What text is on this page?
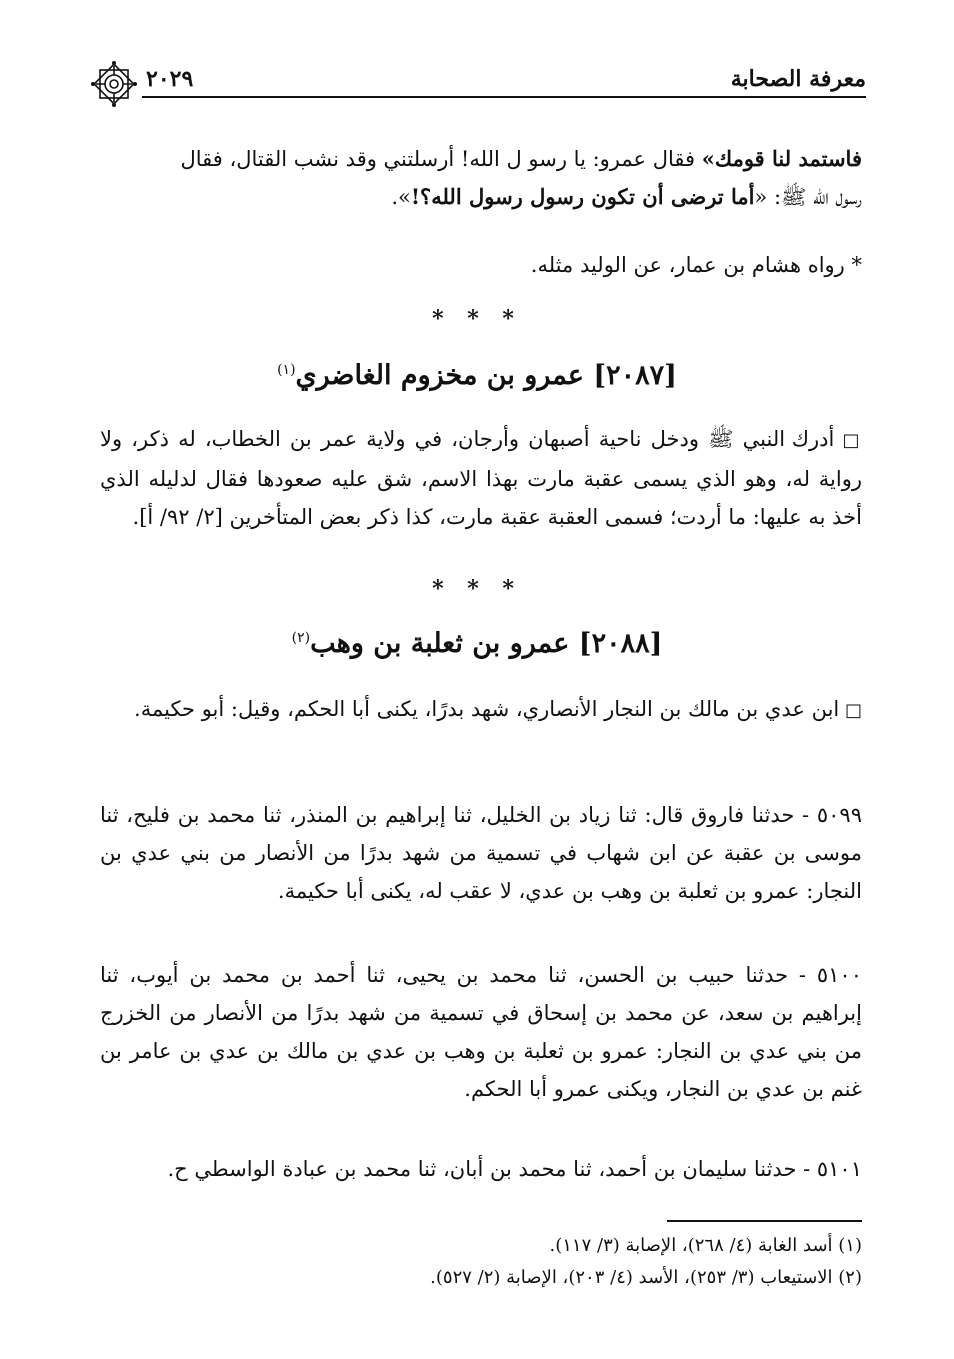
معرفة الصحابة
٢٠٢٩

فاستمد لنا قومك» فقال عمرو: يا رسو ل الله! أرسلتني وقد نشب القتال، فقال

رسول الله ﷺ: «أما ترضى أن تكون رسول رسول الله؟!».

* رواه هشام بن عمار، عن الوليد مثله.

* * *
[٢٠٨٧] عمرو بن مخزوم الغاضري$^{(١)}$

□ أدرك النبي ﷺ ودخل ناحية أصبهان وأرجان، في ولاية عمر بن الخطاب، له ذكر، ولا رواية له، وهو الذي يسمى عقبة مارت بهذا الاسم، شق عليه صعودها فقال لدليله الذي أخذ به عليها: ما أردت؛ فسمى العقبة عقبة مارت، كذا ذكر بعض المتأخرين [٢/ ٩٢/ أ].

* * *
[٢٠٨٨] عمرو بن ثعلبة بن وهب$^{(٢)}$

□ ابن عدي بن مالك بن النجار الأنصاري، شهد بدرًا، يكنى أبا الحكم، وقيل: أبو حكيمة.

٥٠٩٩ - حدثنا فاروق قال: ثنا زياد بن الخليل، ثنا إبراهيم بن المنذر، ثنا محمد بن فليح، ثنا موسى بن عقبة عن ابن شهاب في تسمية من شهد بدرًا من الأنصار من بني عدي بن النجار: عمرو بن ثعلبة بن وهب بن عدي، لا عقب له، يكنى أبا حكيمة.

٥١٠٠ - حدثنا حبيب بن الحسن، ثنا محمد بن يحيى، ثنا أحمد بن محمد بن أيوب، ثنا إبراهيم بن سعد، عن محمد بن إسحاق في تسمية من شهد بدرًا من الأنصار من الخزرج من بني عدي بن النجار: عمرو بن ثعلبة بن وهب بن عدي بن مالك بن عدي بن عامر بن غنم بن عدي بن النجار، ويكنى عمرو أبا الحكم.

٥١٠١ - حدثنا سليمان بن أحمد، ثنا محمد بن أبان، ثنا محمد بن عبادة الواسطي ح.

(١) أسد الغابة (٤/ ٢٦٨)، الإصابة (٣/ ١١٧).

(٢) الاستيعاب (٣/ ٢٥٣)، الأسد (٤/ ٢٠٣)، الإصابة (٢/ ٥٢٧).
